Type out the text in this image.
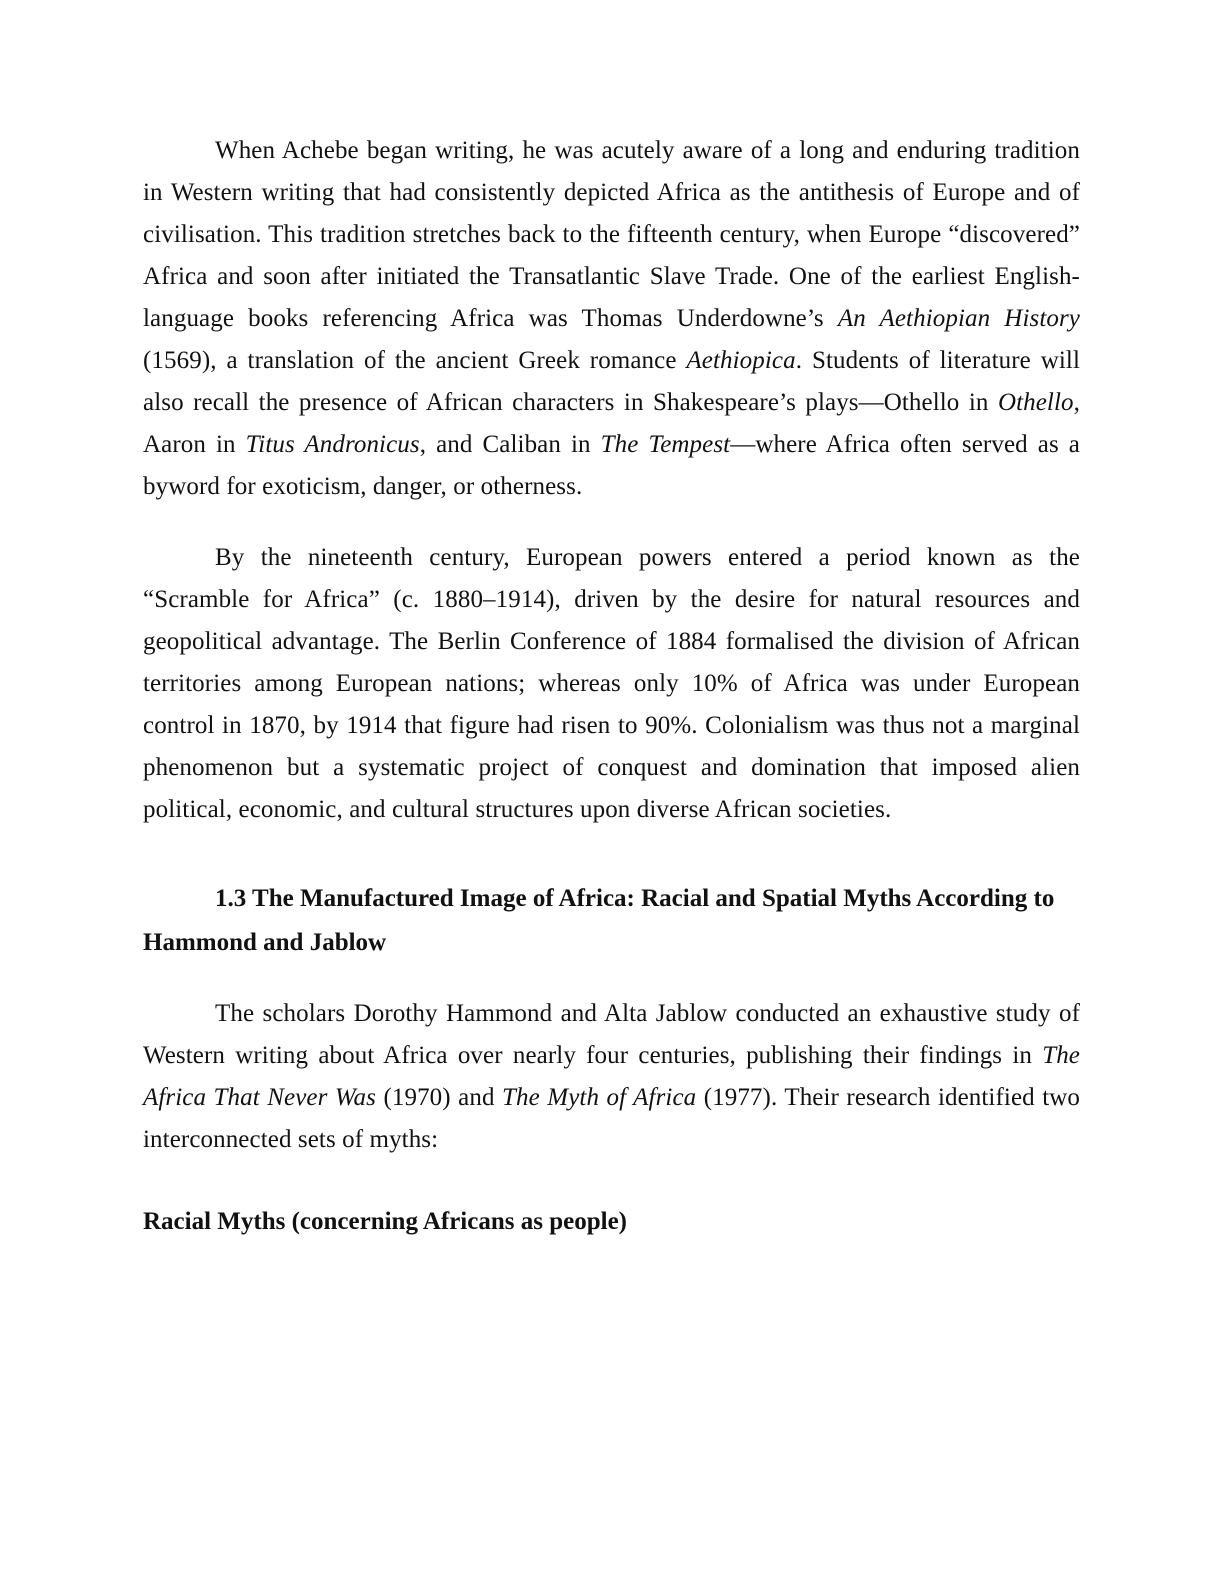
When Achebe began writing, he was acutely aware of a long and enduring tradition in Western writing that had consistently depicted Africa as the antithesis of Europe and of civilisation. This tradition stretches back to the fifteenth century, when Europe “discovered” Africa and soon after initiated the Transatlantic Slave Trade. One of the earliest English-language books referencing Africa was Thomas Underdowne’s An Aethiopian History (1569), a translation of the ancient Greek romance Aethiopica. Students of literature will also recall the presence of African characters in Shakespeare’s plays—Othello in Othello, Aaron in Titus Andronicus, and Caliban in The Tempest—where Africa often served as a byword for exoticism, danger, or otherness.

By the nineteenth century, European powers entered a period known as the “Scramble for Africa” (c. 1880–1914), driven by the desire for natural resources and geopolitical advantage. The Berlin Conference of 1884 formalised the division of African territories among European nations; whereas only 10% of Africa was under European control in 1870, by 1914 that figure had risen to 90%. Colonialism was thus not a marginal phenomenon but a systematic project of conquest and domination that imposed alien political, economic, and cultural structures upon diverse African societies.

1.3 The Manufactured Image of Africa: Racial and Spatial Myths According to Hammond and Jablow

The scholars Dorothy Hammond and Alta Jablow conducted an exhaustive study of Western writing about Africa over nearly four centuries, publishing their findings in The Africa That Never Was (1970) and The Myth of Africa (1977). Their research identified two interconnected sets of myths:

Racial Myths (concerning Africans as people)
